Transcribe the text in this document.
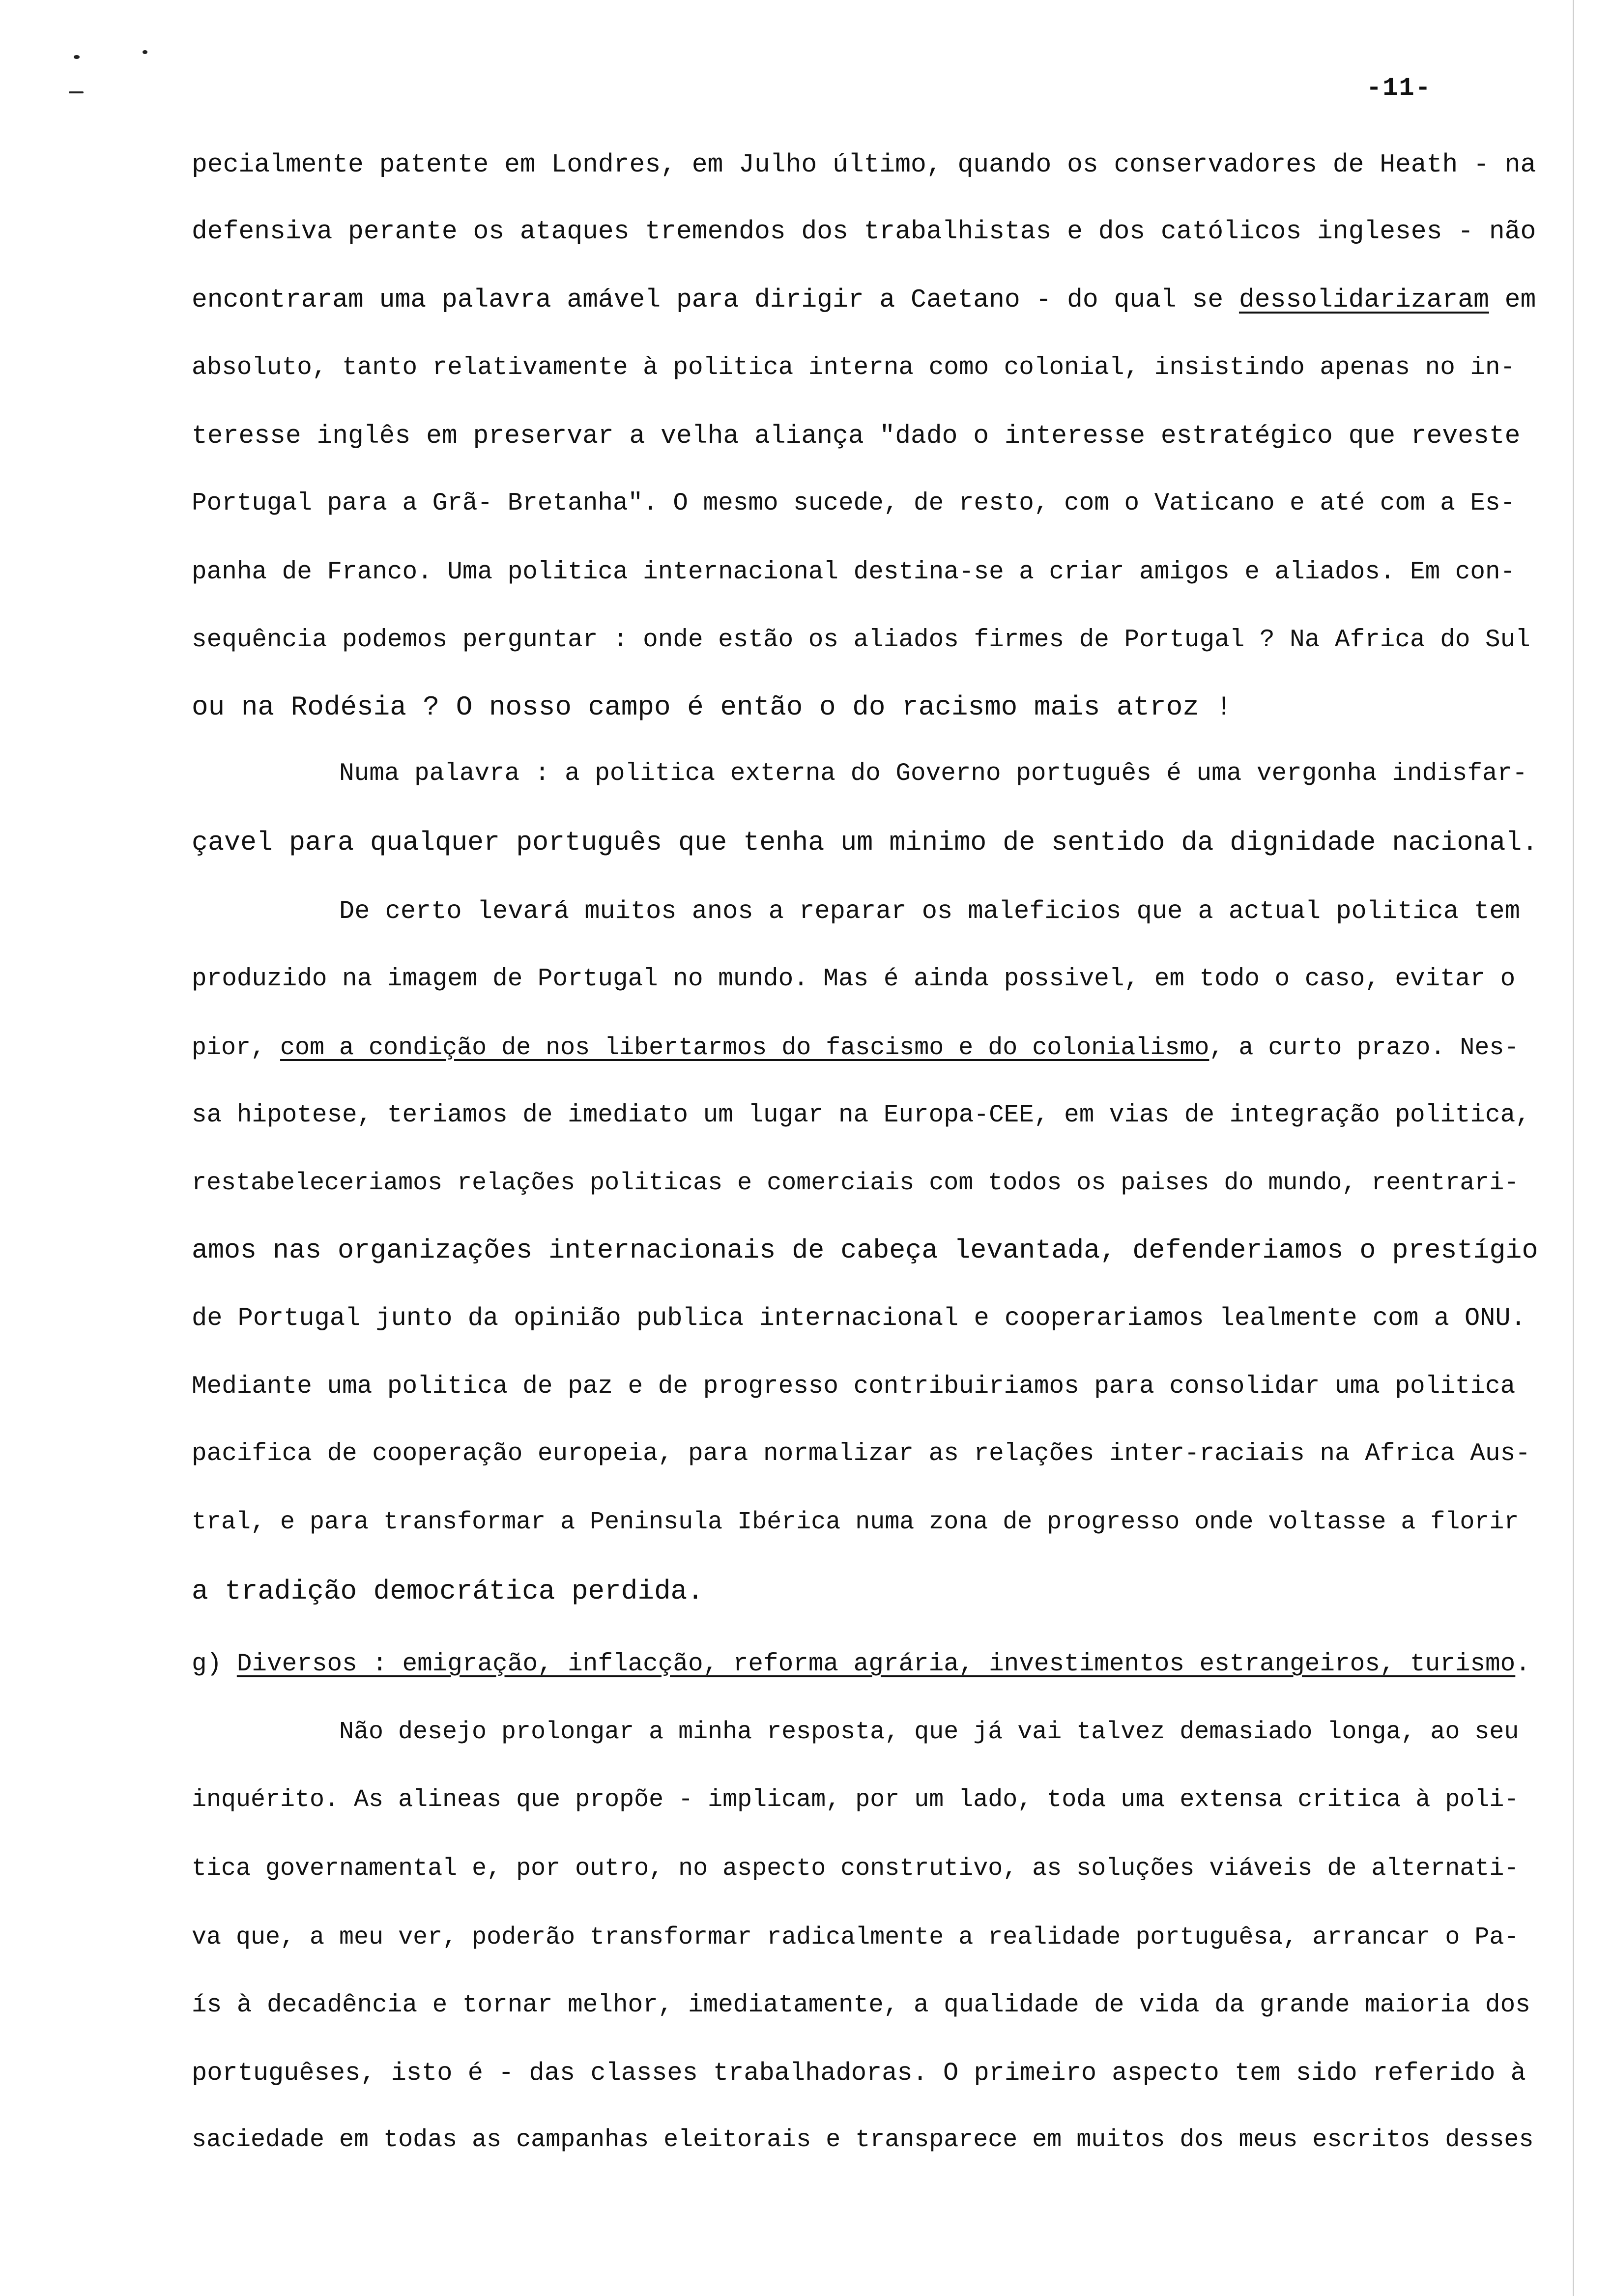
-11-
pecialmente patente em Londres, em Julho último, quando os conservadores de Heath - na
defensiva perante os ataques tremendos dos trabalhistas e dos católicos ingleses - não
encontraram uma palavra amável para dirigir a Caetano - do qual se dessolidarizaram em
absoluto, tanto relativamente à politica interna como colonial, insistindo apenas no in-
teresse inglês em preservar a velha aliança "dado o interesse estratégico que reveste
Portugal para a Grã- Bretanha". O mesmo sucede, de resto, com o Vaticano e até com a Es-
panha de Franco. Uma politica internacional destina-se a criar amigos e aliados. Em con-
sequência podemos perguntar : onde estão os aliados firmes de Portugal ? Na Africa do Sul
ou na Rodésia ? O nosso campo é então o do racismo mais atroz !
Numa palavra : a politica externa do Governo português é uma vergonha indisfar-
çavel para qualquer português que tenha um minimo de sentido da dignidade nacional.
De certo levará muitos anos a reparar os maleficios que a actual politica tem
produzido na imagem de Portugal no mundo. Mas é ainda possivel, em todo o caso, evitar o
pior, com a condição de nos libertarmos do fascismo e do colonialismo, a curto prazo. Nes-
sa hipotese, teriamos de imediato um lugar na Europa-CEE, em vias de integração politica,
restabeleceriamos relações politicas e comerciais com todos os paises do mundo, reentrari-
amos nas organizações internacionais de cabeça levantada, defenderiamos o prestígio
de Portugal junto da opinião publica internacional e cooperariamos lealmente com a ONU.
Mediante uma politica de paz e de progresso contribuiriamos para consolidar uma politica
pacifica de cooperação europeia, para normalizar as relações inter-raciais na Africa Aus-
tral, e para transformar a Peninsula Ibérica numa zona de progresso onde voltasse a florir
a tradição democrática perdida.
g) Diversos : emigração, inflacção, reforma agrária, investimentos estrangeiros, turismo.
Não desejo prolongar a minha resposta, que já vai talvez demasiado longa, ao seu
inquérito. As alineas que propõe - implicam, por um lado, toda uma extensa critica à poli-
tica governamental e, por outro, no aspecto construtivo, as soluções viáveis de alternati-
va que, a meu ver, poderão transformar radicalmente a realidade portuguêsa, arrancar o Pa-
ís à decadência e tornar melhor, imediatamente, a qualidade de vida da grande maioria dos
portuguêses, isto é - das classes trabalhadoras. O primeiro aspecto tem sido referido à
saciedade em todas as campanhas eleitorais e transparece em muitos dos meus escritos desses
